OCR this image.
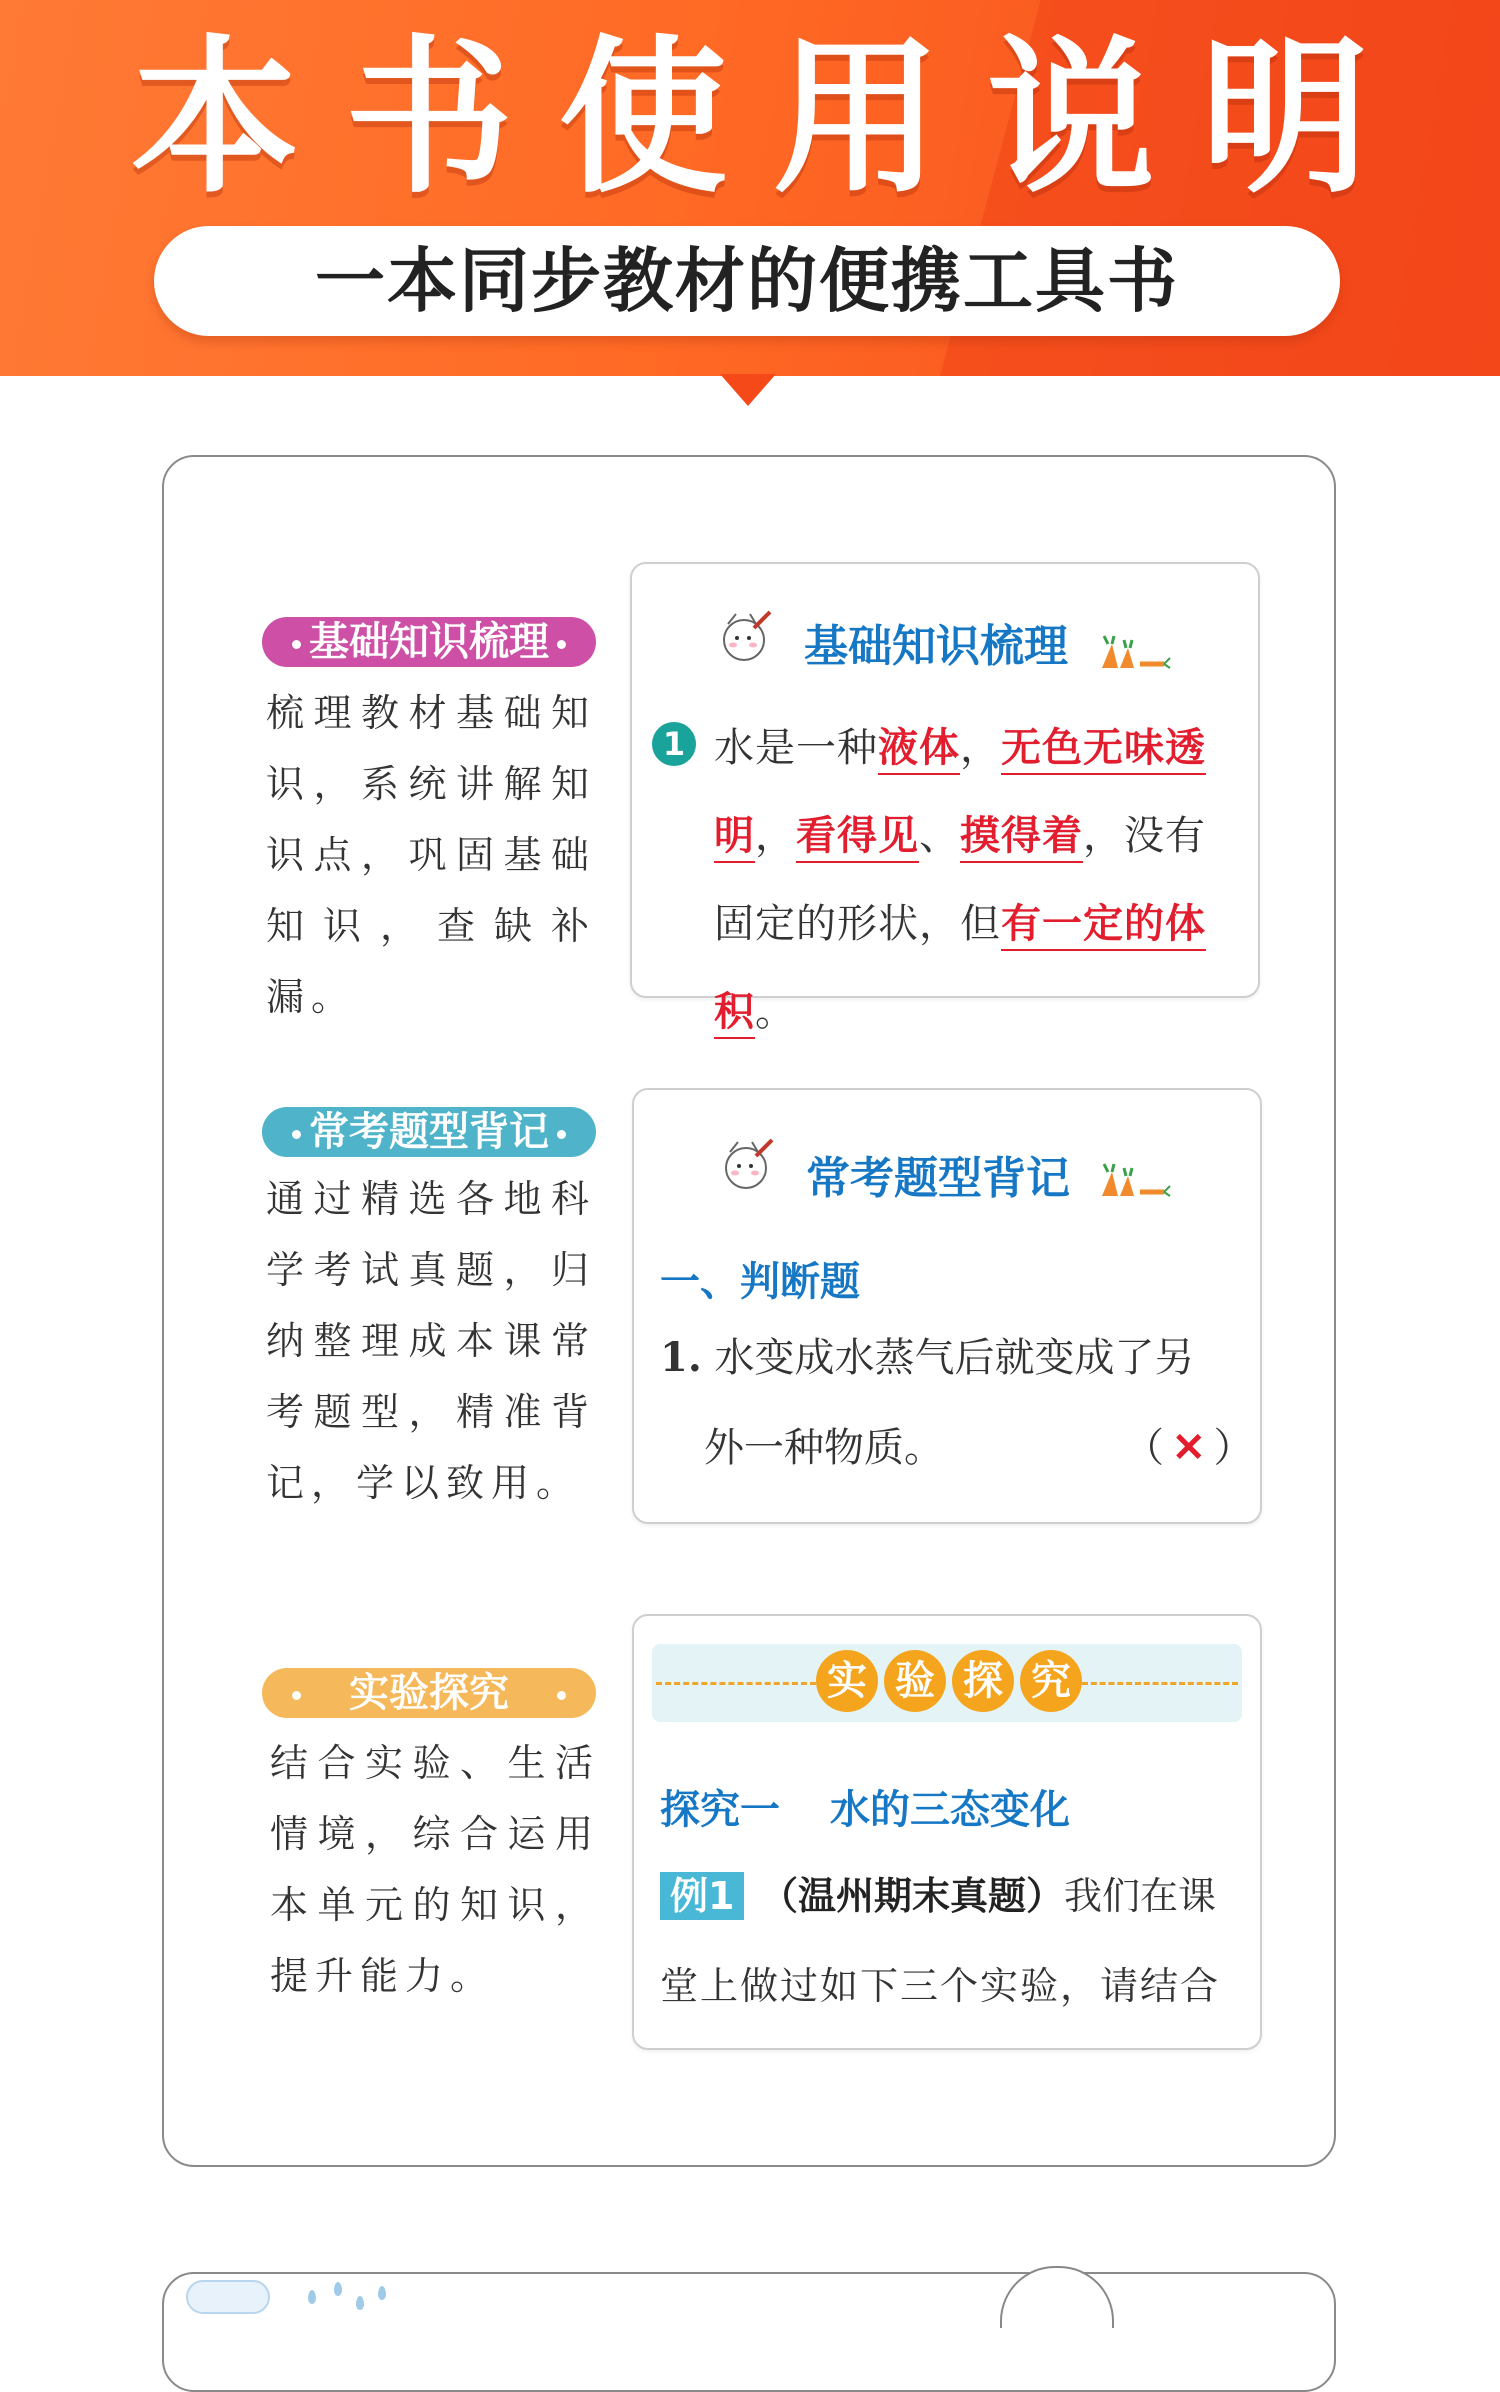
本书使用说明
一本同步教材的便携工具书
基础知识梳理
梳理教材基础知识，系统讲解知识点，巩固基础知识，查缺补漏。
基础知识梳理
1 水是一种液体，无色无味透明，看得见、摸得着，没有固定的形状，但有一定的体积。
常考题型背记
通过精选各地科学考试真题，归纳整理成本课常考题型，精准背记，学以致用。
常考题型背记
一、判断题
1. 水变成水蒸气后就变成了另
外一种物质。	（ ✕ ）
实验探究
结合实验、生活情境，综合运用本单元的知识，提升能力。
实 验 探 究
探究一 水的三态变化
例1 （温州期末真题）我们在课
堂上做过如下三个实验，请结合
